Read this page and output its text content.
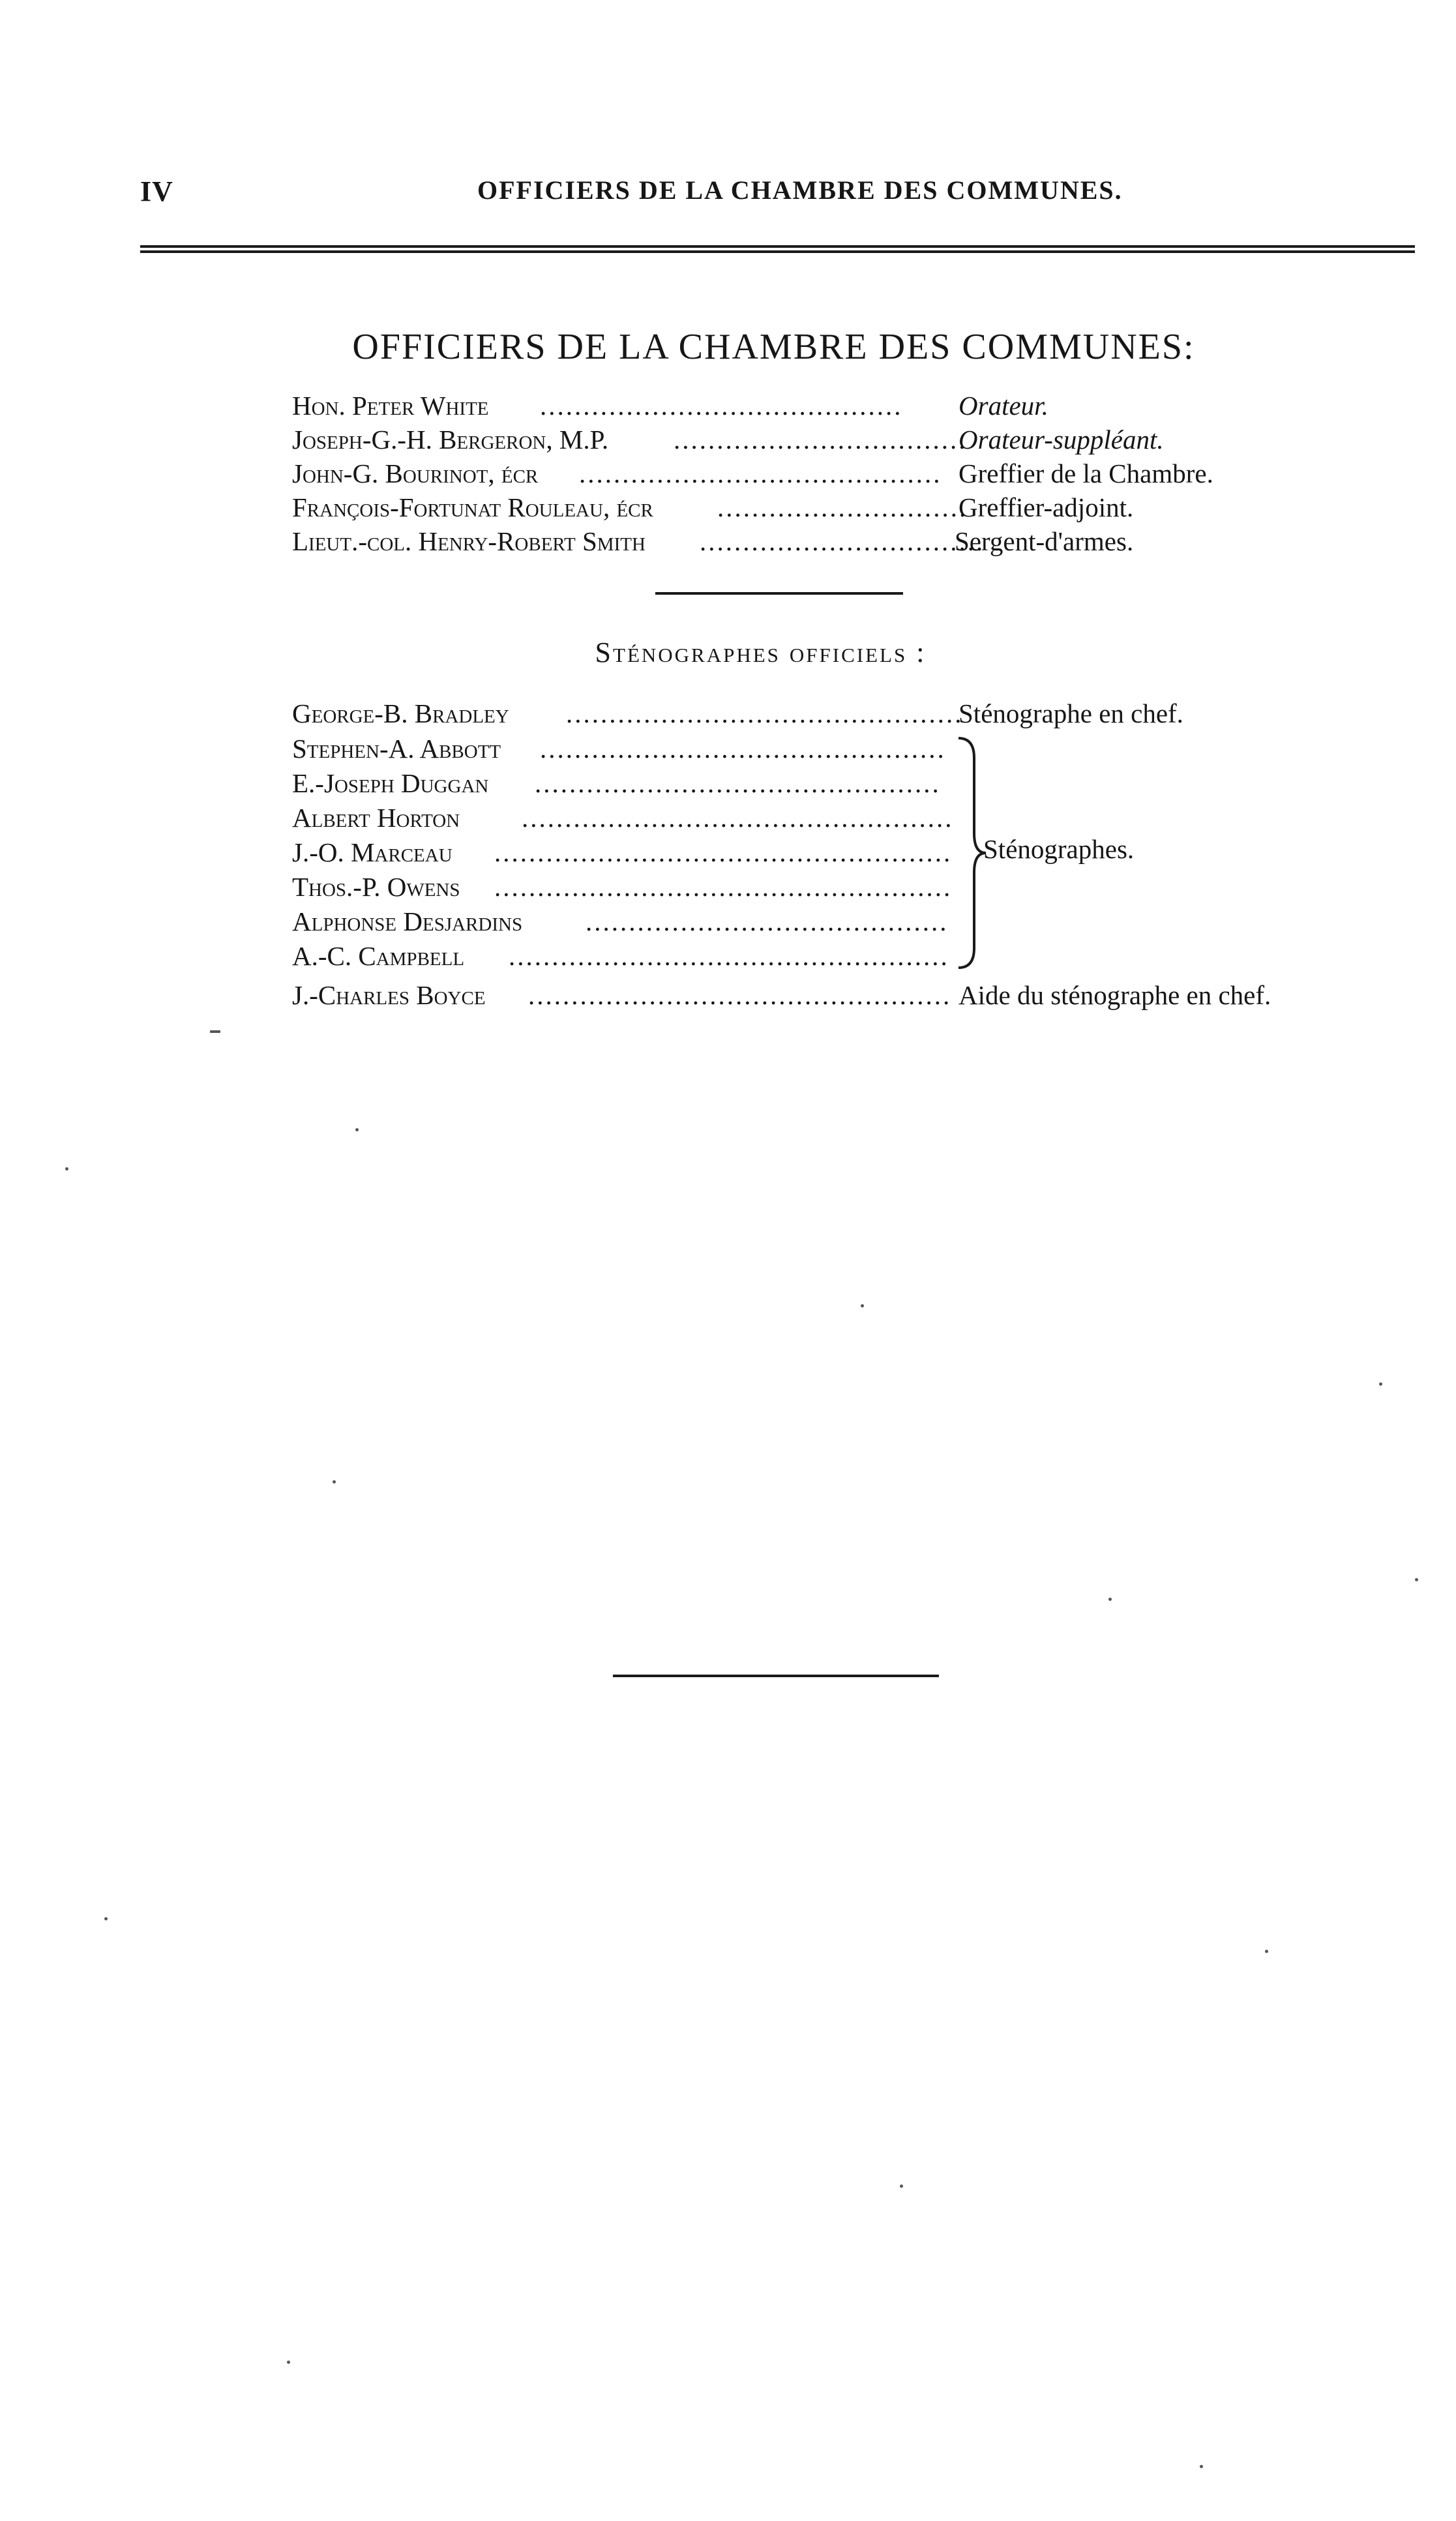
IV	OFFICIERS DE LA CHAMBRE DES COMMUNES.
OFFICIERS DE LA CHAMBRE DES COMMUNES:
Hon. Peter White ..........................................	Orateur.
Joseph-G.-H. Bergeron, M.P. ..................................
Orateur-suppléant.
John-G. Bourinot, écr .......................................... Greffier de la Chambre.
François-Fortunat Rouleau, écr .............................
Greffier-adjoint.
Lieut.-col. Henry-Robert Smith .................................
Sergent-d'armes.
Sténographes officiels :
George-B. Bradley ..............................................
Sténographe en chef.
Stephen-A. Abbott ...............................................
E.-Joseph Duggan ...............................................
Albert Horton ..................................................
J.-O. Marceau .....................................................
Thos.-P. Owens .....................................................
Alphonse Desjardins ..........................................
A.-C. Campbell ...................................................
Sténographes.
J.-Charles Boyce ................................................. Aide du sténographe en chef.
